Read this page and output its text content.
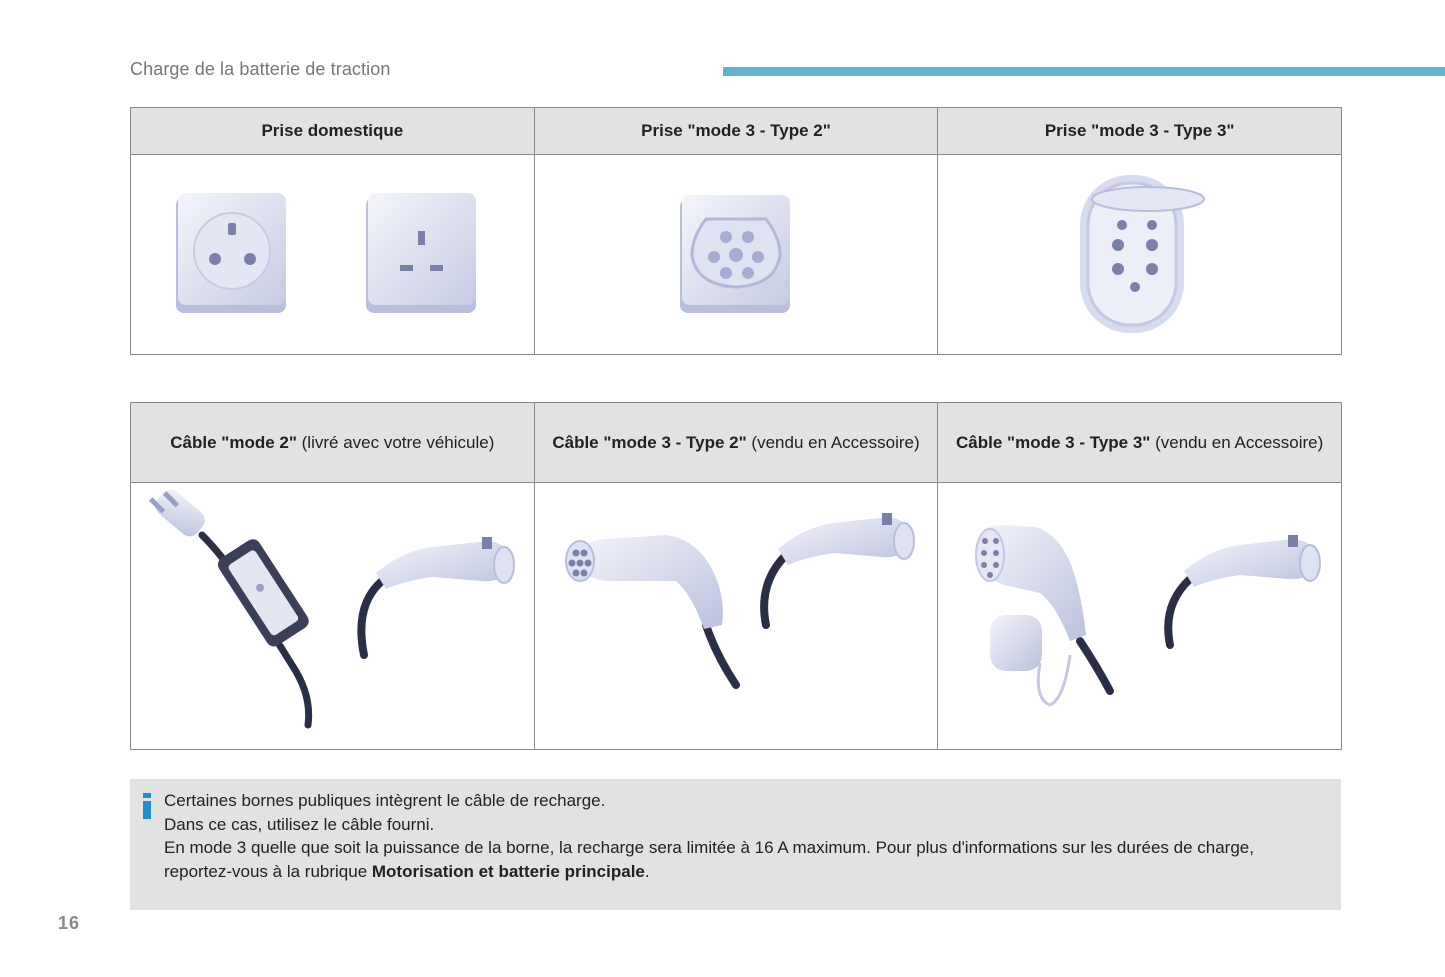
Charge de la batterie de traction
Prise domestique	Prise "mode 3 - Type 2"	Prise "mode 3 - Type 3"

Câble "mode 2" (livré avec votre véhicule)	Câble "mode 3 - Type 2" (vendu en Accessoire)	Câble "mode 3 - Type 3" (vendu en Accessoire)

Certaines bornes publiques intègrent le câble de recharge.

Dans ce cas, utilisez le câble fourni.

En mode 3 quelle que soit la puissance de la borne, la recharge sera limitée à 16 A maximum. Pour plus d'informations sur les durées de charge,

reportez-vous à la rubrique Motorisation et batterie principale.

16
